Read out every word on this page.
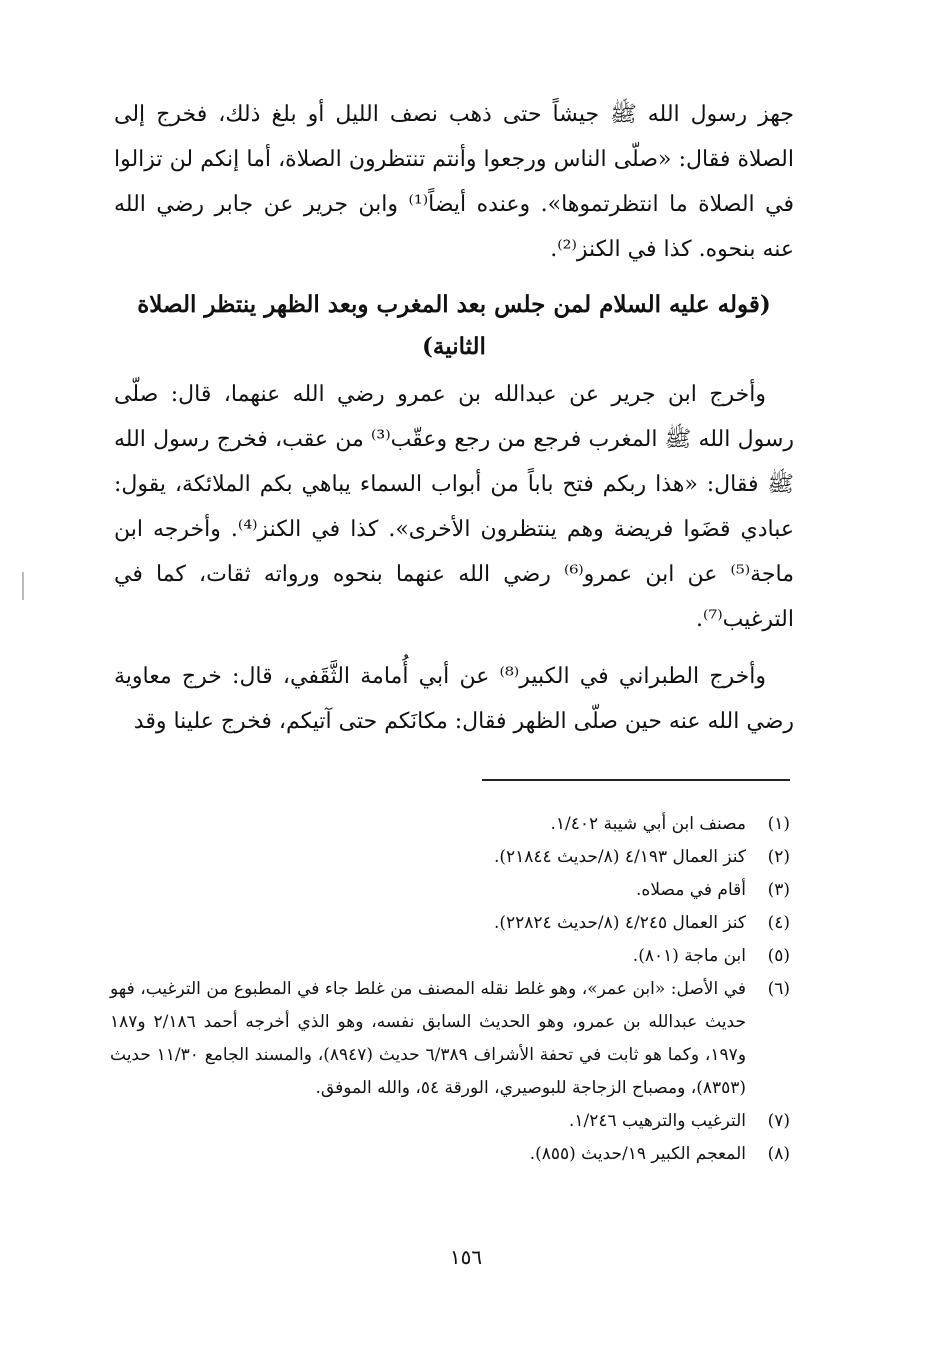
جهز رسول الله ﷺ جيشاً حتى ذهب نصف الليل أو بلغ ذلك، فخرج إلى الصلاة فقال: «صلّى الناس ورجعوا وأنتم تنتظرون الصلاة، أما إنكم لن تزالوا في الصلاة ما انتظرتموها». وعنده أيضاً⁽¹⁾ وابن جرير عن جابر رضي الله عنه بنحوه. كذا في الكنز⁽²⁾.

(قوله عليه السلام لمن جلس بعد المغرب وبعد الظهر ينتظر الصلاة الثانية)

وأخرج ابن جرير عن عبدالله بن عمرو رضي الله عنهما، قال: صلّى رسول الله ﷺ المغرب فرجع من رجع وعقّب⁽³⁾ من عقب، فخرج رسول الله ﷺ فقال: «هذا ربكم فتح باباً من أبواب السماء يباهي بكم الملائكة، يقول: عبادي قضَوا فريضة وهم ينتظرون الأخرى». كذا في الكنز⁽⁴⁾. وأخرجه ابن ماجة⁽⁵⁾ عن ابن عمرو⁽⁶⁾ رضي الله عنهما بنحوه ورواته ثقات، كما في الترغيب⁽⁷⁾.

وأخرج الطبراني في الكبير⁽⁸⁾ عن أبي أُمامة الثَّقَفي، قال: خرج معاوية رضي الله عنه حين صلّى الظهر فقال: مكانَكم حتى آتيكم، فخرج علينا وقد

(١)
مصنف ابن أبي شيبة ١/٤٠٢.
(٢)
كنز العمال ٤/١٩٣ (٨/حديث ٢١٨٤٤).
(٣)
أقام في مصلاه.
(٤)
كنز العمال ٤/٢٤٥ (٨/حديث ٢٢٨٢٤).
(٥)
ابن ماجة (٨٠١).
(٦)
في الأصل: «ابن عمر»، وهو غلط نقله المصنف من غلط جاء في المطبوع من الترغيب، فهو حديث عبدالله بن عمرو، وهو الحديث السابق نفسه، وهو الذي أخرجه أحمد ٢/١٨٦ و١٨٧ و١٩٧، وكما هو ثابت في تحفة الأشراف ٦/٣٨٩ حديث (٨٩٤٧)، والمسند الجامع ١١/٣٠ حديث (٨٣٥٣)، ومصباح الزجاجة للبوصيري، الورقة ٥٤، والله الموفق.
(٧)
الترغيب والترهيب ١/٢٤٦.
(٨)
المعجم الكبير ١٩/حديث (٨٥٥).
١٥٦
